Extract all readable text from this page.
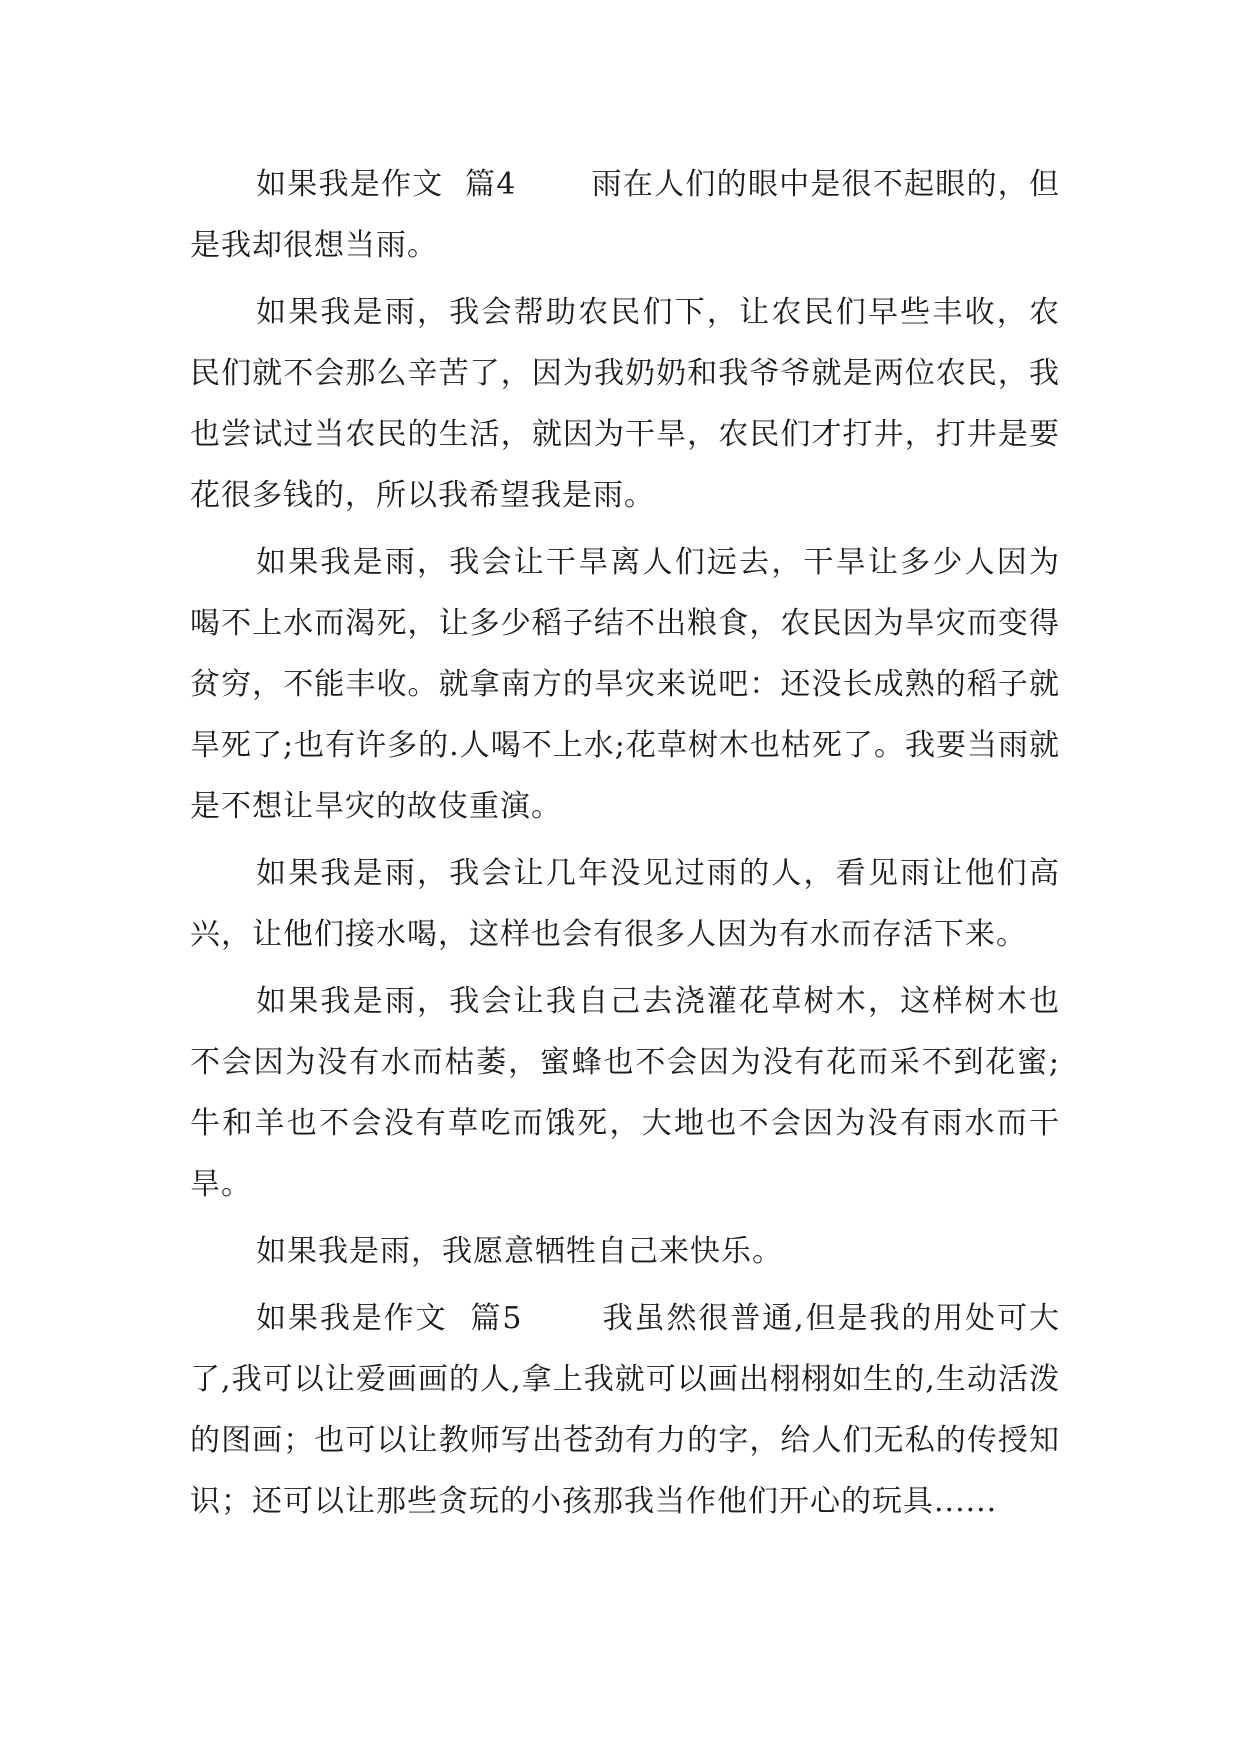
如果我是作文  篇4       雨在人们的眼中是很不起眼的，但是我却很想当雨。

如果我是雨，我会帮助农民们下，让农民们早些丰收，农民们就不会那么辛苦了，因为我奶奶和我爷爷就是两位农民，我也尝试过当农民的生活，就因为干旱，农民们才打井，打井是要花很多钱的，所以我希望我是雨。

如果我是雨，我会让干旱离人们远去，干旱让多少人因为喝不上水而渴死，让多少稻子结不出粮食，农民因为旱灾而变得贫穷，不能丰收。就拿南方的旱灾来说吧：还没长成熟的稻子就旱死了;也有许多的.人喝不上水;花草树木也枯死了。我要当雨就是不想让旱灾的故伎重演。

如果我是雨，我会让几年没见过雨的人，看见雨让他们高兴，让他们接水喝，这样也会有很多人因为有水而存活下来。

如果我是雨，我会让我自己去浇灌花草树木，这样树木也不会因为没有水而枯萎，蜜蜂也不会因为没有花而采不到花蜜;牛和羊也不会没有草吃而饿死，大地也不会因为没有雨水而干旱。

如果我是雨，我愿意牺牲自己来快乐。

如果我是作文  篇5       我虽然很普通,但是我的用处可大了,我可以让爱画画的人,拿上我就可以画出栩栩如生的,生动活泼的图画；也可以让教师写出苍劲有力的字，给人们无私的传授知识；还可以让那些贪玩的小孩那我当作他们开心的玩具......
